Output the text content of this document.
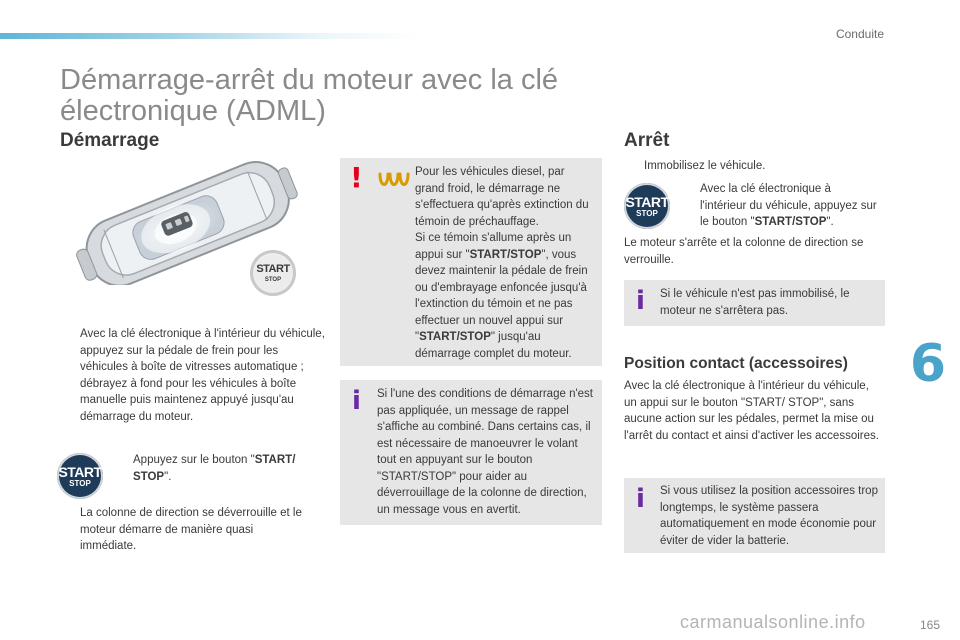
Conduite
Démarrage-arrêt du moteur avec la clé électronique (ADML)
Démarrage
START
STOP
Avec la clé électronique à l'intérieur du véhicule, appuyez sur la pédale de frein pour les véhicules à boîte de vitresses automatique ; débrayez à fond pour les véhicules à boîte manuelle puis maintenez appuyé jusqu'au démarrage du moteur.
START
STOP
Appuyez sur le bouton "START/ STOP".
La colonne de direction se déverrouille et le moteur démarre de manière quasi immédiate.
!	Pour les véhicules diesel, par grand froid, le démarrage ne s'effectuera qu'après extinction du témoin de préchauffage.
Si ce témoin s'allume après un appui sur "START/STOP", vous devez maintenir la pédale de frein ou d'embrayage enfoncée jusqu'à l'extinction du témoin et ne pas effectuer un nouvel appui sur "START/STOP" jusqu'au démarrage complet du moteur.
i Si l'une des conditions de démarrage n'est pas appliquée, un message de rappel s'affiche au combiné. Dans certains cas, il est nécessaire de manoeuvrer le volant tout en appuyant sur le bouton "START/STOP" pour aider au déverrouillage de la colonne de direction, un message vous en avertit.
Arrêt
Immobilisez le véhicule.
START
STOP
Avec la clé électronique à l'intérieur du véhicule, appuyez sur le bouton "START/STOP".
Le moteur s'arrête et la colonne de direction se verrouille.
i Si le véhicule n'est pas immobilisé, le moteur ne s'arrêtera pas.
Position contact (accessoires)
Avec la clé électronique à l'intérieur du véhicule, un appui sur le bouton "START/ STOP", sans aucune action sur les pédales, permet la mise ou l'arrêt du contact et ainsi d'activer les accessoires.
i Si vous utilisez la position accessoires trop longtemps, le système passera automatiquement en mode économie pour éviter de vider la batterie.
6
165
carmanualsonline.info
